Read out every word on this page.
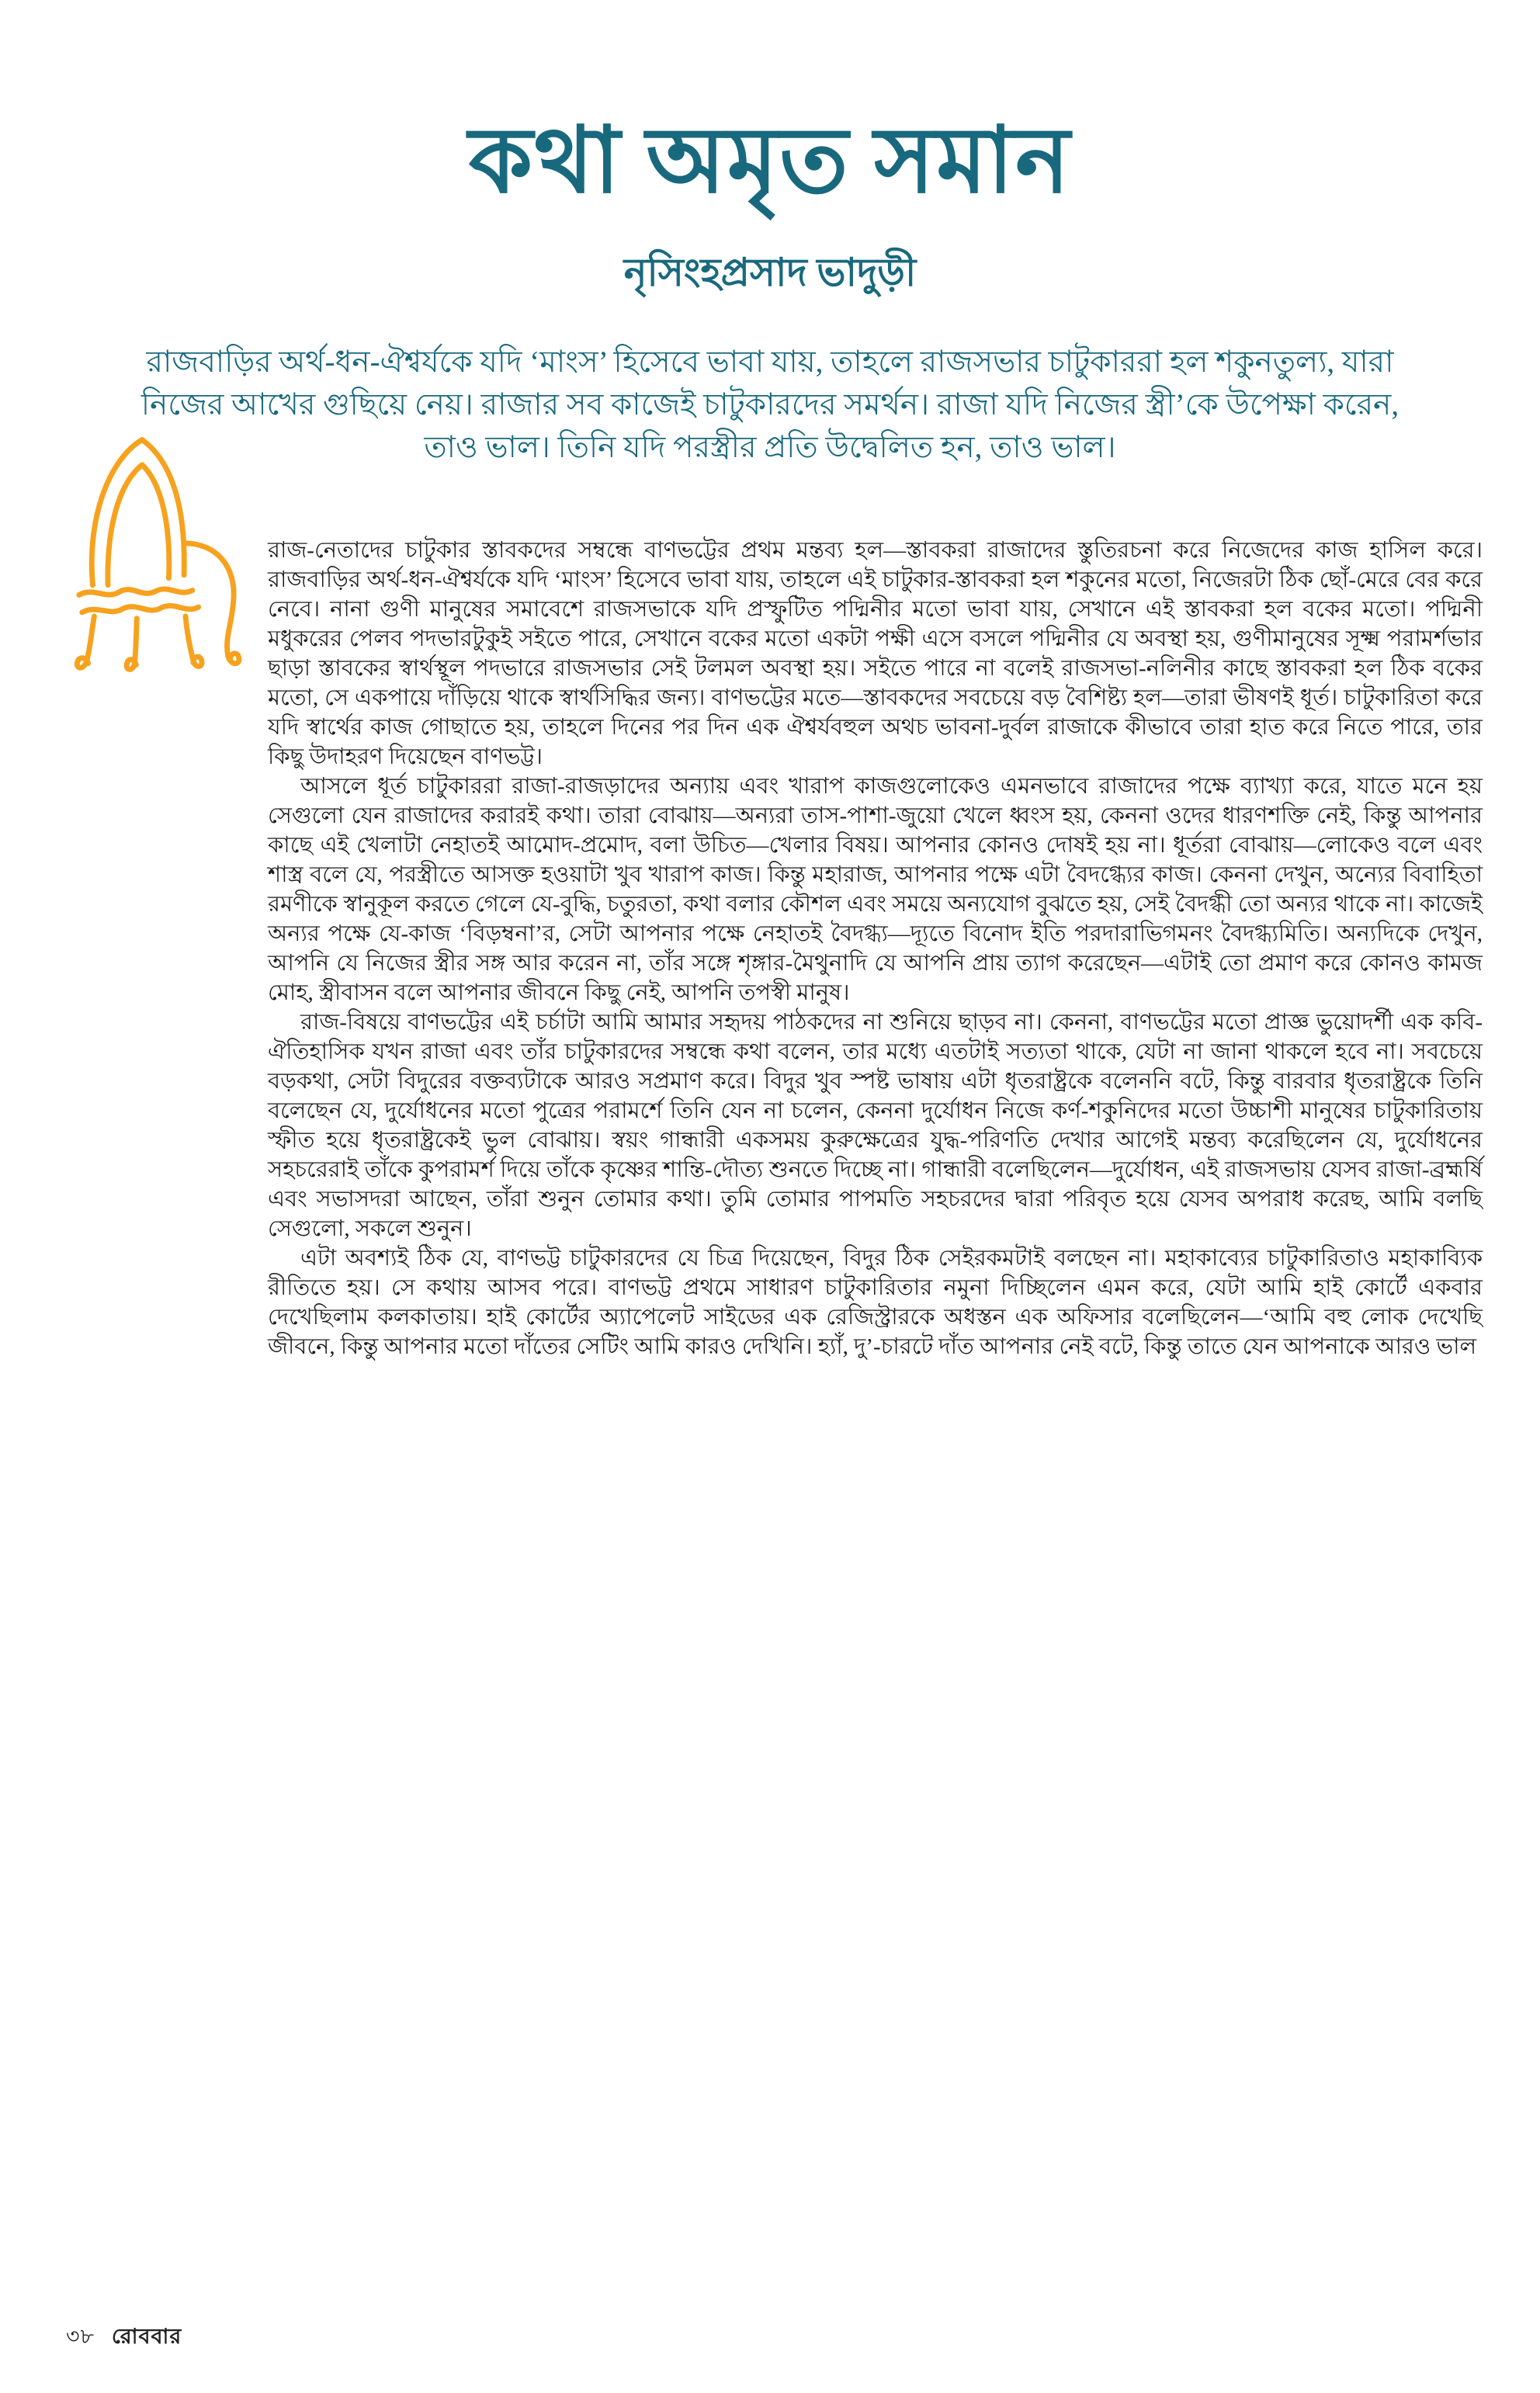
কথা অমৃত সমান
নৃসিংহপ্রসাদ ভাদুড়ী

রাজবাড়ির অর্থ-ধন-ঐশ্বর্যকে যদি ‘মাংস’ হিসেবে ভাবা যায়, তাহলে রাজসভার চাটুকাররা হল শকুনতুল্য, যারা নিজের আখের গুছিয়ে নেয়। রাজার সব কাজেই চাটুকারদের সমর্থন। রাজা যদি নিজের স্ত্রী’কে উপেক্ষা করেন, তাও ভাল। তিনি যদি পরস্ত্রীর প্রতি উদ্বেলিত হন, তাও ভাল।

রাজ-নেতাদের চাটুকার স্তাবকদের সম্বন্ধে বাণভট্টের প্রথম মন্তব্য হল—স্তাবকরা রাজাদের স্তুতিরচনা করে নিজেদের কাজ হাসিল করে। রাজবাড়ির অর্থ-ধন-ঐশ্বর্যকে যদি ‘মাংস’ হিসেবে ভাবা যায়, তাহলে এই চাটুকার-স্তাবকরা হল শকুনের মতো, নিজেরটা ঠিক ছোঁ-মেরে বের করে নেবে। নানা গুণী মানুষের সমাবেশে রাজসভাকে যদি প্রস্ফুটিত পদ্মিনীর মতো ভাবা যায়, সেখানে এই স্তাবকরা হল বকের মতো। পদ্মিনী মধুকরের পেলব পদভারটুকুই সইতে পারে, সেখানে বকের মতো একটা পক্ষী এসে বসলে পদ্মিনীর যে অবস্থা হয়, গুণীমানুষের সূক্ষ্ম পরামর্শভার ছাড়া স্তাবকের স্বার্থস্থূল পদভারে রাজসভার সেই টলমল অবস্থা হয়। সইতে পারে না বলেই রাজসভা-নলিনীর কাছে স্তাবকরা হল ঠিক বকের মতো, সে একপায়ে দাঁড়িয়ে থাকে স্বার্থসিদ্ধির জন্য। বাণভট্টের মতে—স্তাবকদের সবচেয়ে বড় বৈশিষ্ট্য হল—তারা ভীষণই ধূর্ত। চাটুকারিতা করে যদি স্বার্থের কাজ গোছাতে হয়, তাহলে দিনের পর দিন এক ঐশ্বর্যবহুল অথচ ভাবনা-দুর্বল রাজাকে কীভাবে তারা হাত করে নিতে পারে, তার কিছু উদাহরণ দিয়েছেন বাণভট্ট।

আসলে ধূর্ত চাটুকাররা রাজা-রাজড়াদের অন্যায় এবং খারাপ কাজগুলোকেও এমনভাবে রাজাদের পক্ষে ব্যাখ্যা করে, যাতে মনে হয় সেগুলো যেন রাজাদের করারই কথা। তারা বোঝায়—অন্যরা তাস-পাশা-জুয়ো খেলে ধ্বংস হয়, কেননা ওদের ধারণশক্তি নেই, কিন্তু আপনার কাছে এই খেলাটা নেহাতই আমোদ-প্রমোদ, বলা উচিত—খেলার বিষয়। আপনার কোনও দোষই হয় না। ধূর্তরা বোঝায়—লোকেও বলে এবং শাস্ত্র বলে যে, পরস্ত্রীতে আসক্ত হওয়াটা খুব খারাপ কাজ। কিন্তু মহারাজ, আপনার পক্ষে এটা বৈদগ্ধ্যের কাজ। কেননা দেখুন, অন্যের বিবাহিতা রমণীকে স্বানুকূল করতে গেলে যে-বুদ্ধি, চতুরতা, কথা বলার কৌশল এবং সময়ে অন্যযোগ বুঝতে হয়, সেই বৈদগ্ধী তো অন্যর থাকে না। কাজেই অন্যর পক্ষে যে-কাজ ‘বিড়ম্বনা’র, সেটা আপনার পক্ষে নেহাতই বৈদগ্ধ্য—দ্যূতে বিনোদ ইতি পরদারাভিগমনং বৈদগ্ধ্যমিতি। অন্যদিকে দেখুন, আপনি যে নিজের স্ত্রীর সঙ্গ আর করেন না, তাঁর সঙ্গে শৃঙ্গার-মৈথুনাদি যে আপনি প্রায় ত্যাগ করেছেন—এটাই তো প্রমাণ করে কোনও কামজ মোহ, স্ত্রীবাসন বলে আপনার জীবনে কিছু নেই, আপনি তপস্বী মানুষ।

রাজ-বিষয়ে বাণভট্টের এই চর্চাটা আমি আমার সহৃদয় পাঠকদের না শুনিয়ে ছাড়ব না। কেননা, বাণভট্টের মতো প্রাজ্ঞ ভুয়োদর্শী এক কবি-ঐতিহাসিক যখন রাজা এবং তাঁর চাটুকারদের সম্বন্ধে কথা বলেন, তার মধ্যে এতটাই সত্যতা থাকে, যেটা না জানা থাকলে হবে না। সবচেয়ে বড়কথা, সেটা বিদুরের বক্তব্যটাকে আরও সপ্রমাণ করে। বিদুর খুব স্পষ্ট ভাষায় এটা ধৃতরাষ্ট্রকে বলেননি বটে, কিন্তু বারবার ধৃতরাষ্ট্রকে তিনি বলেছেন যে, দুর্যোধনের মতো পুত্রের পরামর্শে তিনি যেন না চলেন, কেননা দুর্যোধন নিজে কর্ণ-শকুনিদের মতো উচ্চাশী মানুষের চাটুকারিতায় স্ফীত হয়ে ধৃতরাষ্ট্রকেই ভুল বোঝায়। স্বয়ং গান্ধারী একসময় কুরুক্ষেত্রের যুদ্ধ-পরিণতি দেখার আগেই মন্তব্য করেছিলেন যে, দুর্যোধনের সহচরেরাই তাঁকে কুপরামর্শ দিয়ে তাঁকে কৃষ্ণের শান্তি-দৌত্য শুনতে দিচ্ছে না। গান্ধারী বলেছিলেন—দুর্যোধন, এই রাজসভায় যেসব রাজা-ব্রহ্মর্ষি এবং সভাসদরা আছেন, তাঁরা শুনুন তোমার কথা। তুমি তোমার পাপমতি সহচরদের দ্বারা পরিবৃত হয়ে যেসব অপরাধ করেছ, আমি বলছি সেগুলো, সকলে শুনুন।

এটা অবশ্যই ঠিক যে, বাণভট্ট চাটুকারদের যে চিত্র দিয়েছেন, বিদুর ঠিক সেইরকমটাই বলছেন না। মহাকাব্যের চাটুকারিতাও মহাকাব্যিক রীতিতে হয়। সে কথায় আসব পরে। বাণভট্ট প্রথমে সাধারণ চাটুকারিতার নমুনা দিচ্ছিলেন এমন করে, যেটা আমি হাই কোর্টে একবার দেখেছিলাম কলকাতায়। হাই কোর্টের অ্যাপেলেট সাইডের এক রেজিস্ট্রারকে অধস্তন এক অফিসার বলেছিলেন—‘আমি বহু লোক দেখেছি জীবনে, কিন্তু আপনার মতো দাঁতের সেটিং আমি কারও দেখিনি। হ্যাঁ, দু’-চারটে দাঁত আপনার নেই বটে, কিন্তু তাতে যেন আপনাকে আরও ভাল

৩৮ রোববার
